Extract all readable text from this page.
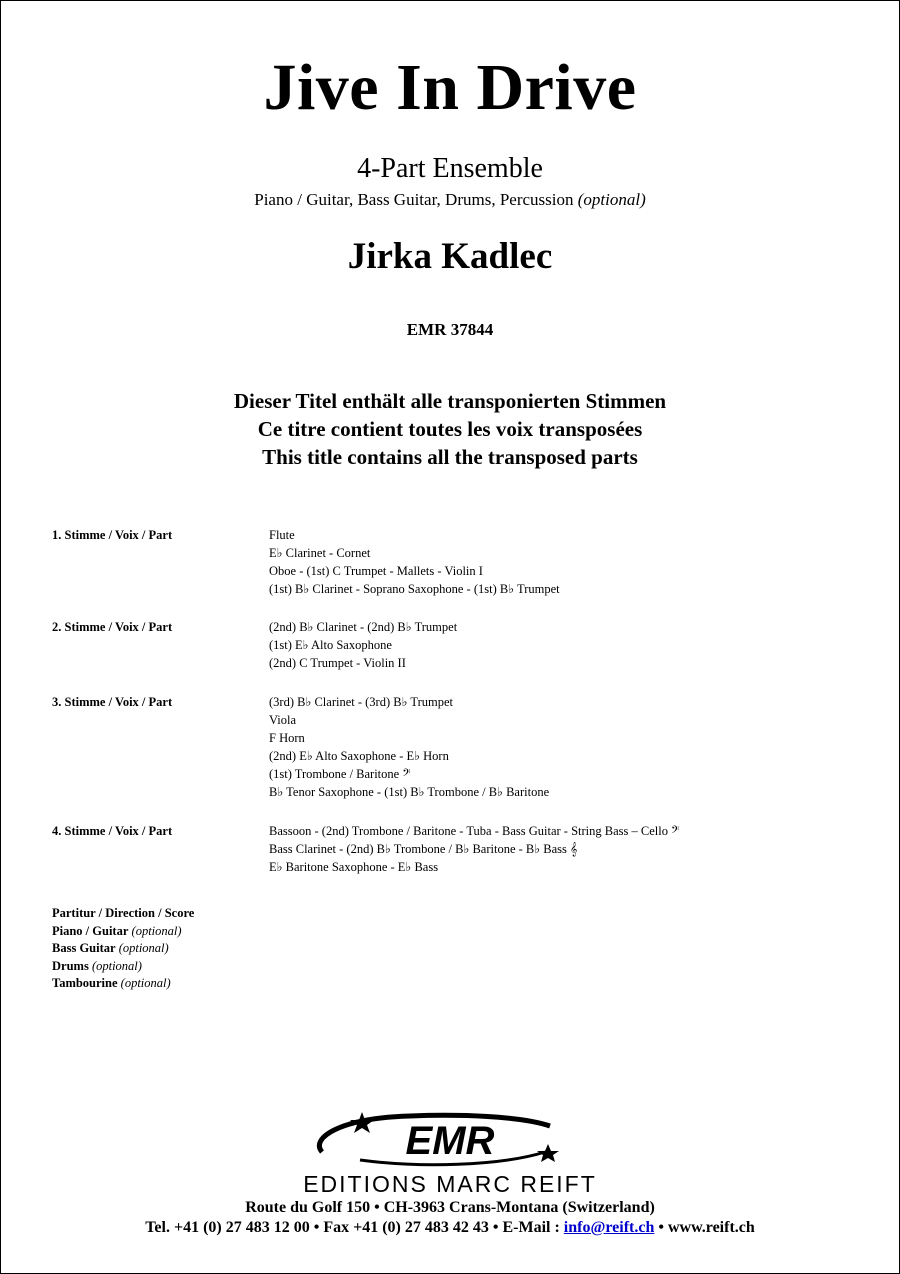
Jive In Drive
4-Part Ensemble
Piano / Guitar, Bass Guitar, Drums, Percussion (optional)
Jirka Kadlec
EMR 37844
Dieser Titel enthält alle transponierten Stimmen
Ce titre contient toutes les voix transposées
This title contains all the transposed parts
1. Stimme / Voix / Part	Flute
E♭ Clarinet - Cornet
Oboe - (1st) C Trumpet - Mallets - Violin I
(1st) B♭ Clarinet - Soprano Saxophone - (1st) B♭ Trumpet
2. Stimme / Voix / Part	(2nd) B♭ Clarinet - (2nd) B♭ Trumpet
(1st) E♭ Alto Saxophone
(2nd) C Trumpet - Violin II
3. Stimme / Voix / Part	(3rd) B♭ Clarinet - (3rd) B♭ Trumpet
Viola
F Horn
(2nd) E♭ Alto Saxophone - E♭ Horn
(1st) Trombone / Baritone 𝄢
B♭ Tenor Saxophone - (1st) B♭ Trombone / B♭ Baritone
4. Stimme / Voix / Part	Bassoon - (2nd) Trombone / Baritone - Tuba - Bass Guitar - String Bass – Cello 𝄢
Bass Clarinet - (2nd) B♭ Trombone / B♭ Baritone - B♭ Bass 𝄞
E♭ Baritone Saxophone - E♭ Bass
Partitur / Direction / Score
Piano / Guitar (optional)
Bass Guitar (optional)
Drums (optional)
Tambourine (optional)
EMR
EDITIONS MARC REIFT
Route du Golf 150 • CH-3963 Crans-Montana (Switzerland)
Tel. +41 (0) 27 483 12 00 • Fax +41 (0) 27 483 42 43 • E-Mail : info@reift.ch • www.reift.ch
